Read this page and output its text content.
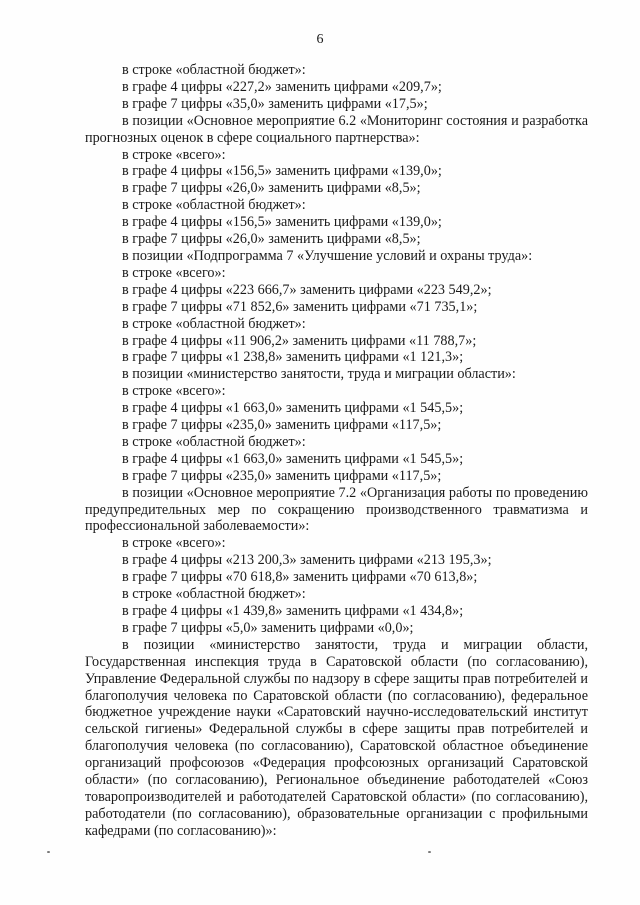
6
в строке «областной бюджет»:
в графе 4 цифры «227,2» заменить цифрами «209,7»;
в графе 7 цифры «35,0» заменить цифрами «17,5»;
в позиции «Основное мероприятие 6.2 «Мониторинг состояния и разработка прогнозных оценок в сфере социального партнерства»:
в строке «всего»:
в графе 4 цифры «156,5» заменить цифрами «139,0»;
в графе 7 цифры «26,0» заменить цифрами «8,5»;
в строке «областной бюджет»:
в графе 4 цифры «156,5» заменить цифрами «139,0»;
в графе 7 цифры «26,0» заменить цифрами «8,5»;
в позиции «Подпрограмма 7 «Улучшение условий и охраны труда»:
в строке «всего»:
в графе 4 цифры «223 666,7» заменить цифрами «223 549,2»;
в графе 7 цифры «71 852,6» заменить цифрами «71 735,1»;
в строке «областной бюджет»:
в графе 4 цифры «11 906,2» заменить цифрами «11 788,7»;
в графе 7 цифры «1 238,8» заменить цифрами «1 121,3»;
в позиции «министерство занятости, труда и миграции области»:
в строке «всего»:
в графе 4 цифры «1 663,0» заменить цифрами «1 545,5»;
в графе 7 цифры «235,0» заменить цифрами «117,5»;
в строке «областной бюджет»:
в графе 4 цифры «1 663,0» заменить цифрами «1 545,5»;
в графе 7 цифры «235,0» заменить цифрами «117,5»;
в позиции «Основное мероприятие 7.2 «Организация работы по проведению предупредительных мер по сокращению производственного травматизма и профессиональной заболеваемости»:
в строке «всего»:
в графе 4 цифры «213 200,3» заменить цифрами «213 195,3»;
в графе 7 цифры «70 618,8» заменить цифрами «70 613,8»;
в строке «областной бюджет»:
в графе 4 цифры «1 439,8» заменить цифрами «1 434,8»;
в графе 7 цифры «5,0» заменить цифрами «0,0»;
в позиции «министерство занятости, труда и миграции области, Государственная инспекция труда в Саратовской области (по согласованию), Управление Федеральной службы по надзору в сфере защиты прав потребителей и благополучия человека по Саратовской области (по согласованию), федеральное бюджетное учреждение науки «Саратовский научно-исследовательский институт сельской гигиены» Федеральной службы в сфере защиты прав потребителей и благополучия человека (по согласованию), Саратовской областное объединение организаций профсоюзов «Федерация профсоюзных организаций Саратовской области» (по согласованию), Региональное объединение работодателей «Союз товаропроизводителей и работодателей Саратовской области» (по согласованию), работодатели (по согласованию), образовательные организации с профильными кафедрами (по согласованию)»:
